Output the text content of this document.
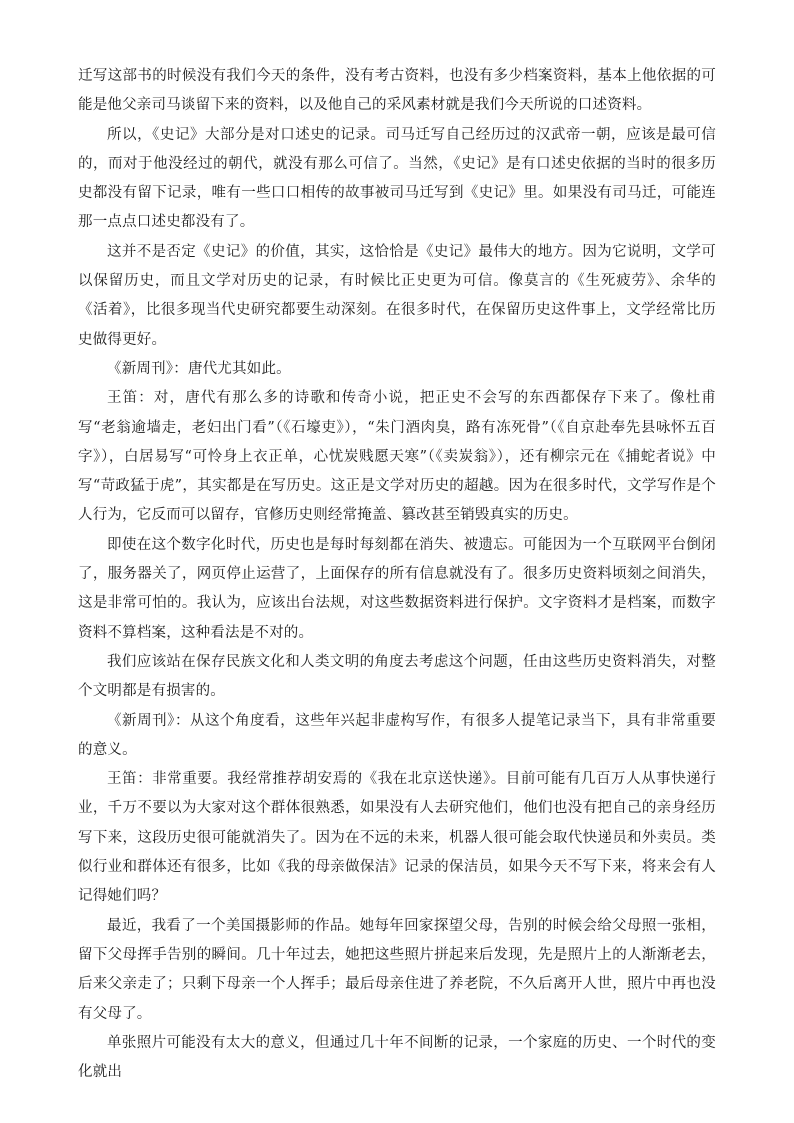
迁写这部书的时候没有我们今天的条件，没有考古资料，也没有多少档案资料，基本上他依据的可能是他父亲司马谈留下来的资料，以及他自己的采风素材就是我们今天所说的口述资料。

所以，《史记》大部分是对口述史的记录。司马迁写自己经历过的汉武帝一朝，应该是最可信的，而对于他没经过的朝代，就没有那么可信了。当然，《史记》是有口述史依据的当时的很多历史都没有留下记录，唯有一些口口相传的故事被司马迁写到《史记》里。如果没有司马迁，可能连那一点点口述史都没有了。

这并不是否定《史记》的价值，其实，这恰恰是《史记》最伟大的地方。因为它说明，文学可以保留历史，而且文学对历史的记录，有时候比正史更为可信。像莫言的《生死疲劳》、余华的《活着》，比很多现当代史研究都要生动深刻。在很多时代，在保留历史这件事上，文学经常比历史做得更好。

《新周刊》：唐代尤其如此。

王笛：对，唐代有那么多的诗歌和传奇小说，把正史不会写的东西都保存下来了。像杜甫写“老翁逾墙走，老妇出门看”（《石壕吏》），“朱门酒肉臭，路有冻死骨”（《自京赴奉先县咏怀五百字》），白居易写“可怜身上衣正单，心忧炭贱愿天寒”（《卖炭翁》），还有柳宗元在《捕蛇者说》中写“苛政猛于虎”，其实都是在写历史。这正是文学对历史的超越。因为在很多时代，文学写作是个人行为，它反而可以留存，官修历史则经常掩盖、篡改甚至销毁真实的历史。

即使在这个数字化时代，历史也是每时每刻都在消失、被遗忘。可能因为一个互联网平台倒闭了，服务器关了，网页停止运营了，上面保存的所有信息就没有了。很多历史资料顷刻之间消失，这是非常可怕的。我认为，应该出台法规，对这些数据资料进行保护。文字资料才是档案，而数字资料不算档案，这种看法是不对的。

我们应该站在保存民族文化和人类文明的角度去考虑这个问题，任由这些历史资料消失，对整个文明都是有损害的。

《新周刊》：从这个角度看，这些年兴起非虚构写作，有很多人提笔记录当下，具有非常重要的意义。

王笛：非常重要。我经常推荐胡安焉的《我在北京送快递》。目前可能有几百万人从事快递行业，千万不要以为大家对这个群体很熟悉，如果没有人去研究他们，他们也没有把自己的亲身经历写下来，这段历史很可能就消失了。因为在不远的未来，机器人很可能会取代快递员和外卖员。类似行业和群体还有很多，比如《我的母亲做保洁》记录的保洁员，如果今天不写下来，将来会有人记得她们吗？

最近，我看了一个美国摄影师的作品。她每年回家探望父母，告别的时候会给父母照一张相，留下父母挥手告别的瞬间。几十年过去，她把这些照片拼起来后发现，先是照片上的人渐渐老去，后来父亲走了；只剩下母亲一个人挥手；最后母亲住进了养老院，不久后离开人世，照片中再也没有父母了。

单张照片可能没有太大的意义，但通过几十年不间断的记录，一个家庭的历史、一个时代的变化就出
